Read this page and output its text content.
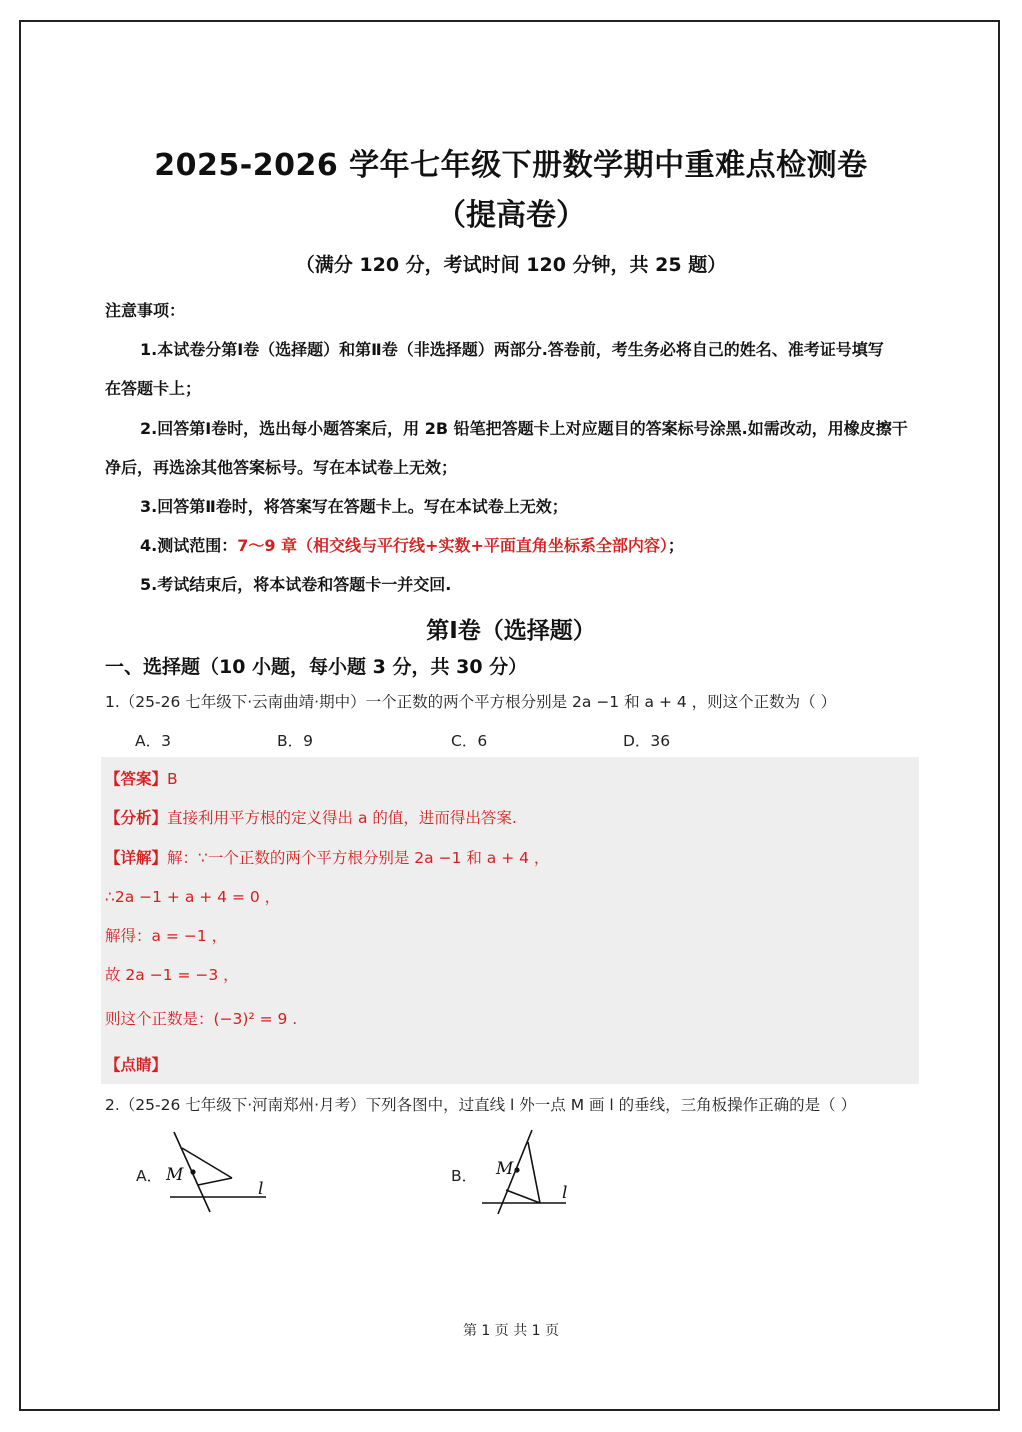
2025-2026 学年七年级下册数学期中重难点检测卷
（提高卷）
（满分 120 分，考试时间 120 分钟，共 25 题）
注意事项：
1.本试卷分第Ⅰ卷（选择题）和第Ⅱ卷（非选择题）两部分.答卷前，考生务必将自己的姓名、准考证号填写
在答题卡上；
2.回答第Ⅰ卷时，选出每小题答案后，用 2B 铅笔把答题卡上对应题目的答案标号涂黑.如需改动，用橡皮擦干
净后，再选涂其他答案标号。写在本试卷上无效；
3.回答第Ⅱ卷时，将答案写在答题卡上。写在本试卷上无效；
4.测试范围：7～9 章（相交线与平行线+实数+平面直角坐标系全部内容）；
5.考试结束后，将本试卷和答题卡一并交回.
第Ⅰ卷（选择题）
一、选择题（10 小题，每小题 3 分，共 30 分）
1.（25-26 七年级下·云南曲靖·期中）一个正数的两个平方根分别是 2a −1 和 a + 4 ，则这个正数为（ ）
A．3	B．9	C．6	D．36
【答案】B
【分析】直接利用平方根的定义得出 a 的值，进而得出答案.
【详解】解：∵一个正数的两个平方根分别是 2a −1 和 a + 4 ，
∴2a −1 + a + 4 = 0 ，
解得：a = −1 ，
故 2a −1 = −3 ，
则这个正数是：(−3)² = 9 .
【点睛】
2.（25-26 七年级下·河南郑州·月考）下列各图中，过直线 l 外一点 M 画 l 的垂线，三角板操作正确的是（ ）
A． M
l
B． M
l
第 1 页 共 1 页
